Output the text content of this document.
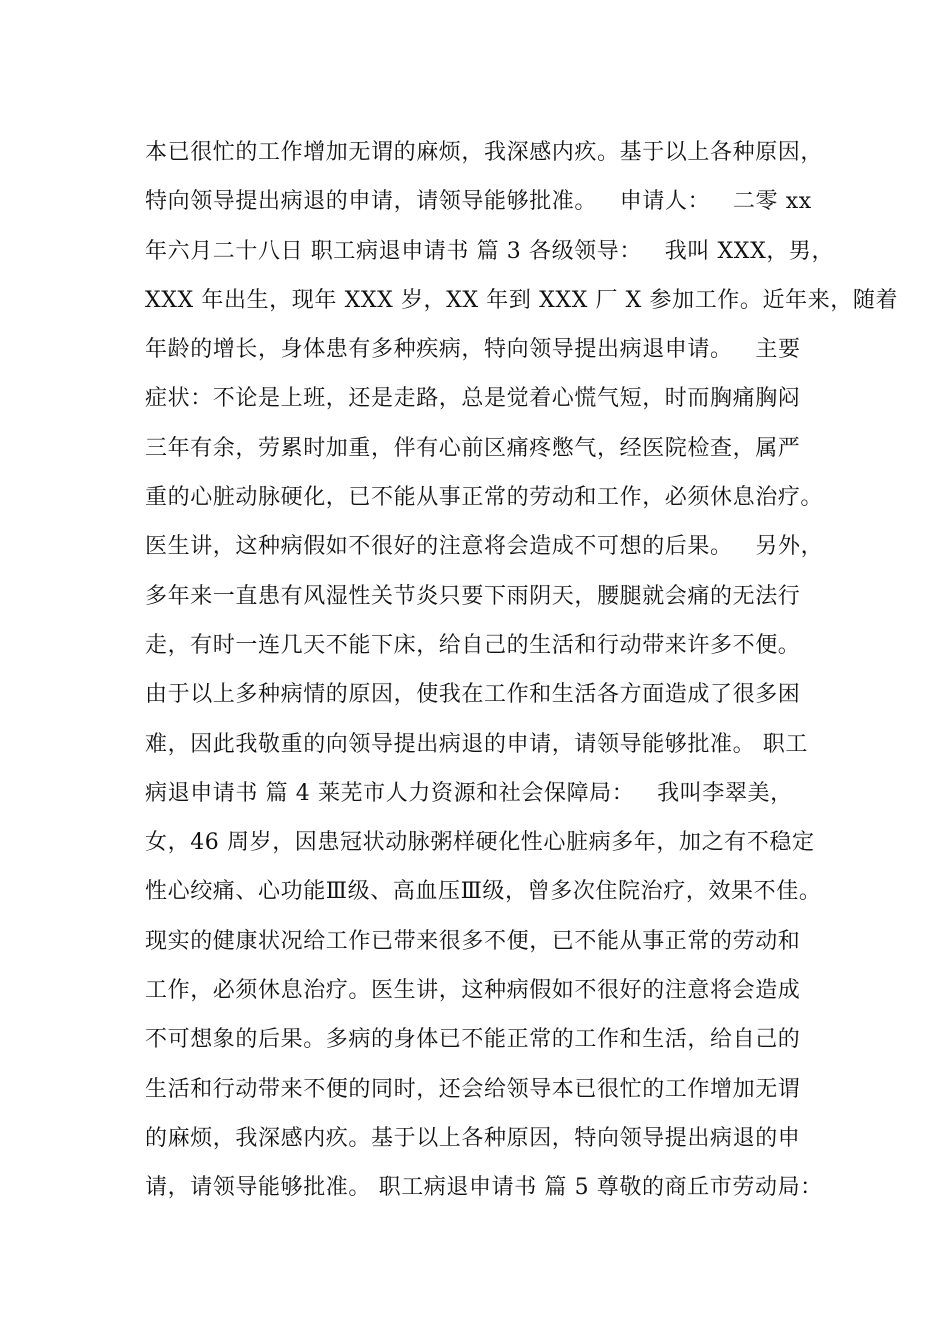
本已很忙的工作增加无谓的麻烦，我深感内疚。基于以上各种原因，
特向领导提出病退的申请，请领导能够批准。   申请人：   二零 xx
年六月二十八日 职工病退申请书 篇 3 各级领导：   我叫 XXX，男，
XXX 年出生，现年 XXX 岁，XX 年到 XXX 厂 X 参加工作。近年来，随着
年龄的增长，身体患有多种疾病，特向领导提出病退申请。   主要
症状：不论是上班，还是走路，总是觉着心慌气短，时而胸痛胸闷
三年有余，劳累时加重，伴有心前区痛疼憋气，经医院检查，属严
重的心脏动脉硬化，已不能从事正常的劳动和工作，必须休息治疗。
医生讲，这种病假如不很好的注意将会造成不可想的后果。   另外，
多年来一直患有风湿性关节炎只要下雨阴天，腰腿就会痛的无法行
走，有时一连几天不能下床，给自己的生活和行动带来许多不便。
由于以上多种病情的原因，使我在工作和生活各方面造成了很多困
难，因此我敬重的向领导提出病退的申请，请领导能够批准。 职工
病退申请书 篇 4 莱芜市人力资源和社会保障局：   我叫李翠美，
女，46 周岁，因患冠状动脉粥样硬化性心脏病多年，加之有不稳定
性心绞痛、心功能Ⅲ级、高血压Ⅲ级，曾多次住院治疗，效果不佳。
现实的健康状况给工作已带来很多不便，已不能从事正常的劳动和
工作，必须休息治疗。医生讲，这种病假如不很好的注意将会造成
不可想象的后果。多病的身体已不能正常的工作和生活，给自己的
生活和行动带来不便的同时，还会给领导本已很忙的工作增加无谓
的麻烦，我深感内疚。基于以上各种原因，特向领导提出病退的申
请，请领导能够批准。 职工病退申请书 篇 5 尊敬的商丘市劳动局：
